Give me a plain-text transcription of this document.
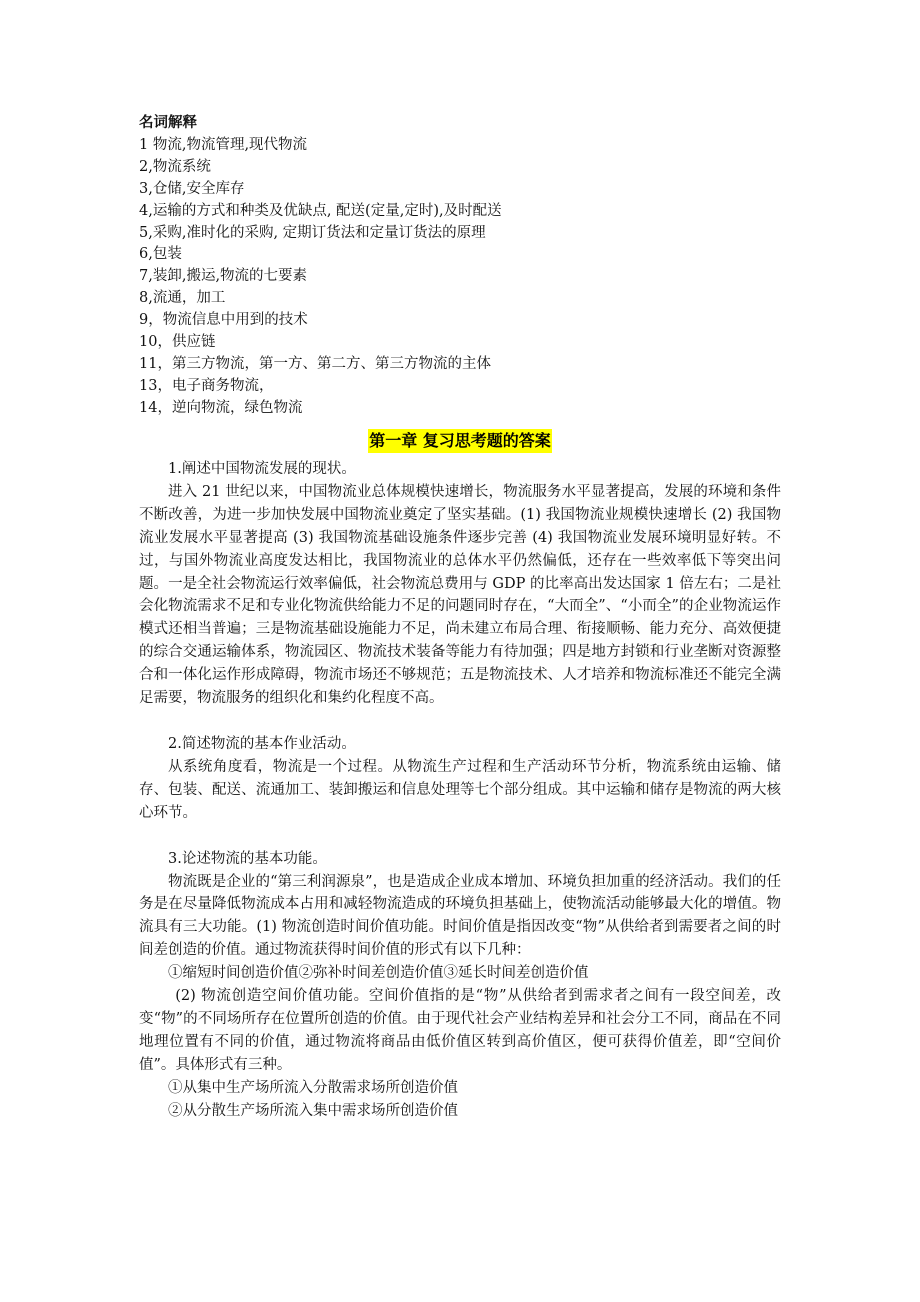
名词解释
1 物流,物流管理,现代物流
2,物流系统
3,仓储,安全库存
4,运输的方式和种类及优缺点, 配送(定量,定时),及时配送
5,采购,准时化的采购, 定期订货法和定量订货法的原理
6,包装
7,装卸,搬运,物流的七要素
8,流通，加工
9，物流信息中用到的技术
10，供应链
11，第三方物流，第一方、第二方、第三方物流的主体
13，电子商务物流，
14，逆向物流，绿色物流
第一章 复习思考题的答案

1.阐述中国物流发展的现状。

进入 21 世纪以来，中国物流业总体规模快速增长，物流服务水平显著提高，发展的环境和条件不断改善，为进一步加快发展中国物流业奠定了坚实基础。(1) 我国物流业规模快速增长 (2) 我国物流业发展水平显著提高 (3) 我国物流基础设施条件逐步完善 (4) 我国物流业发展环境明显好转。不过，与国外物流业高度发达相比，我国物流业的总体水平仍然偏低，还存在一些效率低下等突出问题。一是全社会物流运行效率偏低，社会物流总费用与 GDP 的比率高出发达国家 1 倍左右；二是社会化物流需求不足和专业化物流供给能力不足的问题同时存在，“大而全”、“小而全”的企业物流运作模式还相当普遍；三是物流基础设施能力不足，尚未建立布局合理、衔接顺畅、能力充分、高效便捷的综合交通运输体系，物流园区、物流技术装备等能力有待加强；四是地方封锁和行业垄断对资源整合和一体化运作形成障碍，物流市场还不够规范；五是物流技术、人才培养和物流标准还不能完全满足需要，物流服务的组织化和集约化程度不高。

2.简述物流的基本作业活动。

从系统角度看，物流是一个过程。从物流生产过程和生产活动环节分析，物流系统由运输、储存、包装、配送、流通加工、装卸搬运和信息处理等七个部分组成。其中运输和储存是物流的两大核心环节。

3.论述物流的基本功能。

物流既是企业的“第三利润源泉”，也是造成企业成本增加、环境负担加重的经济活动。我们的任务是在尽量降低物流成本占用和减轻物流造成的环境负担基础上，使物流活动能够最大化的增值。物流具有三大功能。(1) 物流创造时间价值功能。时间价值是指因改变“物”从供给者到需要者之间的时间差创造的价值。通过物流获得时间价值的形式有以下几种：

①缩短时间创造价值②弥补时间差创造价值③延长时间差创造价值

(2) 物流创造空间价值功能。空间价值指的是“物”从供给者到需求者之间有一段空间差，改变“物”的不同场所存在位置所创造的价值。由于现代社会产业结构差异和社会分工不同，商品在不同地理位置有不同的价值，通过物流将商品由低价值区转到高价值区，便可获得价值差，即“空间价值”。具体形式有三种。

①从集中生产场所流入分散需求场所创造价值

②从分散生产场所流入集中需求场所创造价值
